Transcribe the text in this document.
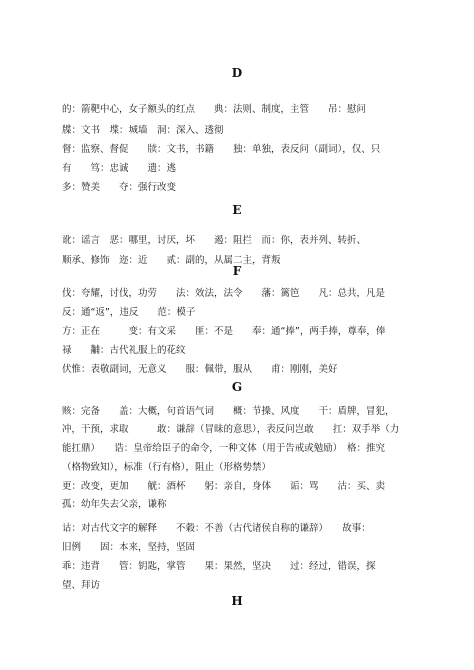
D
的：箭靶中心，女子额头的红点　　典：法则、制度，主管　　吊：慰问
牒：文书　堞：城墙　洞：深入、透彻
督：监察、督促　　牍：文书，书籍　　独：单独，表反问（副词），仅、只
有　　笃：忠诚　　遗：逃
多：赞美　　夺：强行改变
E
讹：谣言　恶：哪里，讨厌，坏　　遏：阻拦　而：你，表并列、转折、
顺承、修饰　迩：近　　贰：副的，从属二主，背叛
F
伐：夸耀，讨伐，功劳　　法：效法，法令　　藩：篱笆　　凡：总共，凡是
反：通“返”，违反　　范：模子
方：正在　　　变：有文采　　匪：不是　　奉：通“捧”，两手捧，尊奉，俸
禄　　黼：古代礼服上的花纹
伏惟：表敬副词，无意义　　服：佩带，服从　　甫：刚刚，美好
G
赅：完备　　盖：大概，句首语气词　　概：节操、风度　　干：盾牌，冒犯，
冲，干预，求取　　　敢：谦辞（冒昧的意思），表反问岂敢　　扛：双手举（力
能扛鼎）　　诰：皇帝给臣子的命令，一种文体（用于告戒或勉励）　格：推究
（格物致知），标准（行有格），阻止（形格势禁）
更：改变，更加　　觥：酒杯　　躬：亲自，身体　　诟：骂　　沽：买、卖
孤：幼年失去父亲，谦称
诂：对古代文字的解释　　不穀：不善（古代诸侯自称的谦辞）　　故事：
旧例　　固：本来，坚持，坚固
乖：违背　　管：钥匙，掌管　　果：果然，坚决　　过：经过，错误，探
望、拜访
H
